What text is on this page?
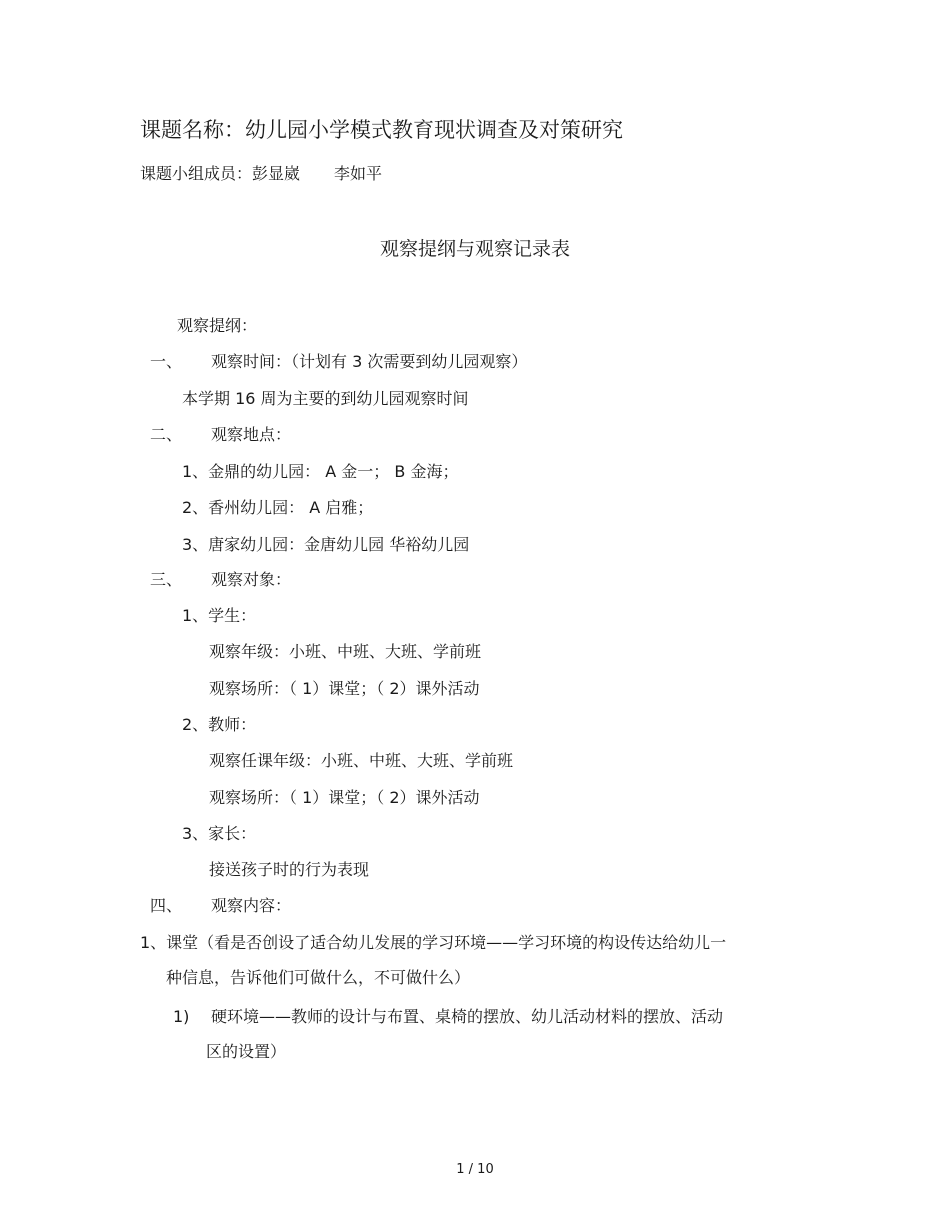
课题名称：幼儿园小学模式教育现状调查及对策研究
课题小组成员：彭显崴 李如平
观察提纲与观察记录表
观察提纲：
一、 观察时间：（计划有 3 次需要到幼儿园观察）
本学期 16 周为主要的到幼儿园观察时间
二、 观察地点：
1、金鼎的幼儿园： A 金一； B 金海；
2、香州幼儿园： A 启雅；
3、唐家幼儿园：金唐幼儿园 华裕幼儿园
三、 观察对象：
1、学生：
观察年级：小班、中班、大班、学前班
观察场所：（ 1）课堂；（ 2）课外活动
2、教师：
观察任课年级：小班、中班、大班、学前班
观察场所：（ 1）课堂；（ 2）课外活动
3、家长：
接送孩子时的行为表现
四、 观察内容：
1、课堂（看是否创设了适合幼儿发展的学习环境——学习环境的构设传达给幼儿一
种信息，告诉他们可做什么，不可做什么）
1) 硬环境——教师的设计与布置、桌椅的摆放、幼儿活动材料的摆放、活动
区的设置）
1 / 10
